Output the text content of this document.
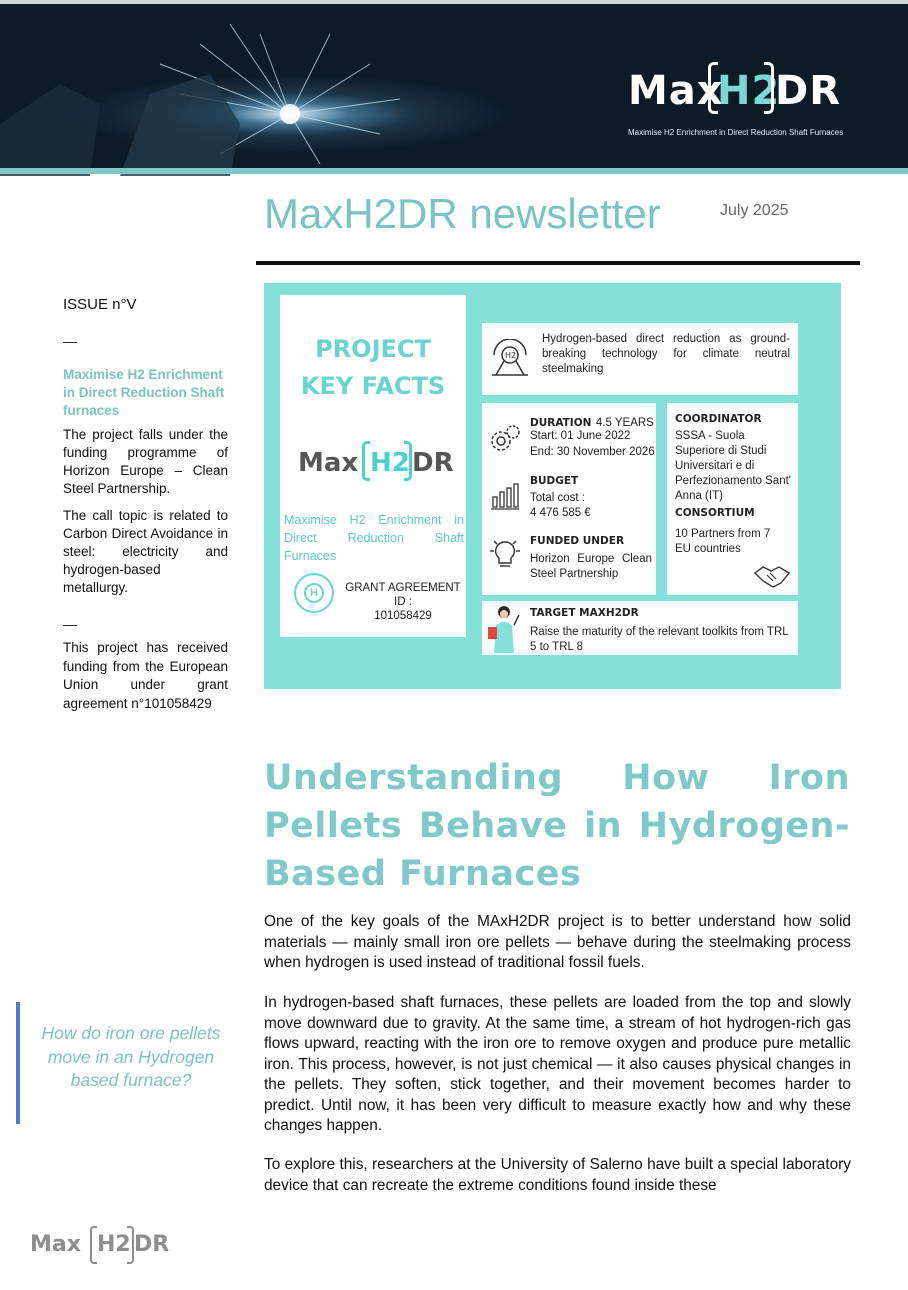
Max
H2
DR
Maximise H2 Enrichment in Direct Reduction Shaft Furnaces
MaxH2DR newsletter	July 2025
ISSUE n°V
—
Maximise H2 Enrichment in Direct Reduction Shaft furnaces
The project falls under the funding programme of Horizon Europe – Clean Steel Partnership.
The call topic is related to Carbon Direct Avoidance in steel: electricity and hydrogen-based metallurgy.
—
This project has received funding from the European Union under grant agreement n°101058429
How do iron ore pellets move in an Hydrogen based furnace?
PROJECT
KEY FACTS
Max H2 DR
Maximise H2 Enrichment in Direct Reduction Shaft Furnaces
H	GRANT AGREEMENT ID :
101058429
H2
Hydrogen-based direct reduction as ground-breaking technology for climate neutral steelmaking
DURATION 4.5 YEARS
Start: 01 June 2022
End: 30 November 2026
BUDGET
Total cost :
4 476 585 €
FUNDED UNDER
Horizon Europe Clean Steel Partnership
COORDINATOR
SSSA - Suola Superiore di Studi Universitari e di Perfezionamento Sant' Anna (IT)
CONSORTIUM
10 Partners from 7 EU countries
TARGET MAXH2DR
Raise the maturity of the relevant toolkits from TRL 5 to TRL 8
Understanding How Iron Pellets Behave in Hydrogen-Based Furnaces
One of the key goals of the MAxH2DR project is to better understand how solid materials — mainly small iron ore pellets — behave during the steelmaking process when hydrogen is used instead of traditional fossil fuels.
In hydrogen-based shaft furnaces, these pellets are loaded from the top and slowly move downward due to gravity. At the same time, a stream of hot hydrogen-rich gas flows upward, reacting with the iron ore to remove oxygen and produce pure metallic iron. This process, however, is not just chemical — it also causes physical changes in the pellets. They soften, stick together, and their movement becomes harder to predict. Until now, it has been very difficult to measure exactly how and why these changes happen.
To explore this, researchers at the University of Salerno have built a special laboratory device that can recreate the extreme conditions found inside these
Max H2 DR
